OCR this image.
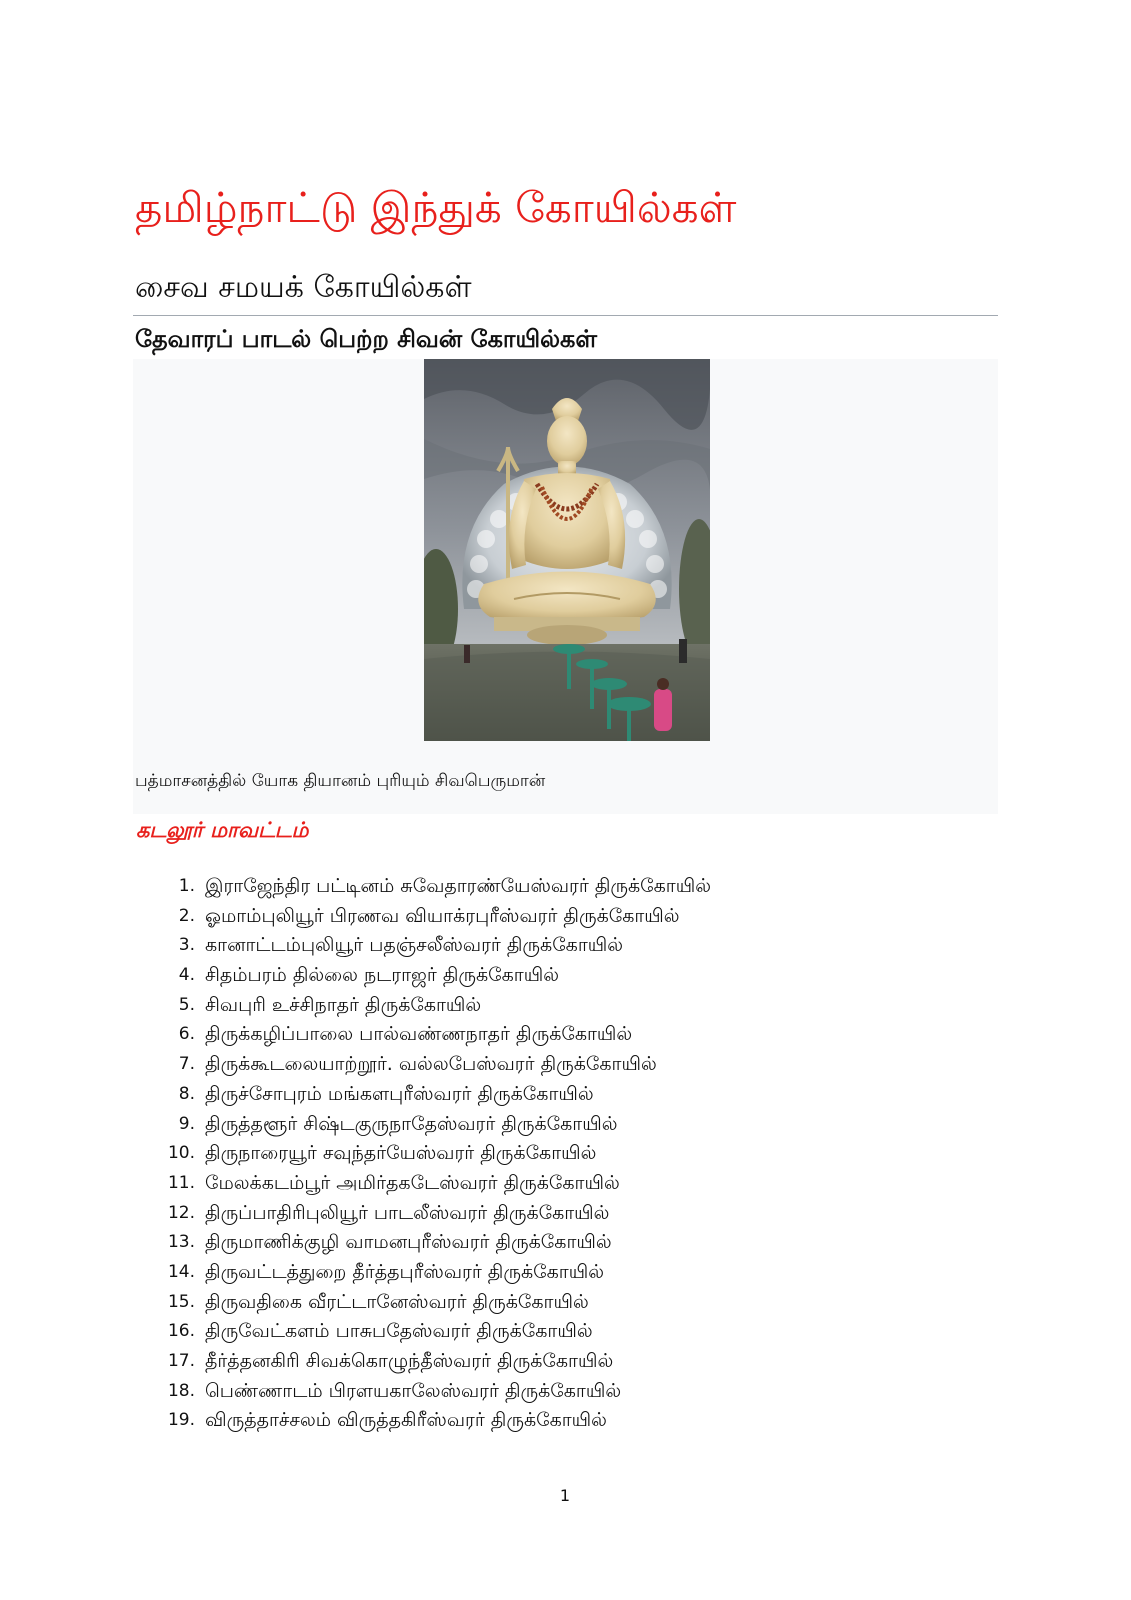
தமிழ்நாட்டு இந்துக் கோயில்கள்
சைவ சமயக் கோயில்கள்
தேவாரப் பாடல் பெற்ற சிவன் கோயில்கள்
பத்மாசனத்தில் யோக தியானம் புரியும் சிவபெருமான்
கடலூர் மாவட்டம்
1. இராஜேந்திர பட்டினம் சுவேதாரண்யேஸ்வரர் திருக்கோயில்
2. ஓமாம்புலியூர் பிரணவ வியாக்ரபுரீஸ்வரர் திருக்கோயில்
3. கானாட்டம்புலியூர் பதஞ்சலீஸ்வரர் திருக்கோயில்
4. சிதம்பரம் தில்லை நடராஜர் திருக்கோயில்
5. சிவபுரி உச்சிநாதர் திருக்கோயில்
6. திருக்கழிப்பாலை பால்வண்ணநாதர் திருக்கோயில்
7. திருக்கூடலையாற்றூர். வல்லபேஸ்வரர் திருக்கோயில்
8. திருச்சோபுரம் மங்களபுரீஸ்வரர் திருக்கோயில்
9. திருத்தளூர் சிஷ்டகுருநாதேஸ்வரர் திருக்கோயில்
10. திருநாரையூர் சவுந்தர்யேஸ்வரர் திருக்கோயில்
11. மேலக்கடம்பூர் அமிர்தகடேஸ்வரர் திருக்கோயில்
12. திருப்பாதிரிபுலியூர் பாடலீஸ்வரர் திருக்கோயில்
13. திருமாணிக்குழி வாமனபுரீஸ்வரர் திருக்கோயில்
14. திருவட்டத்துறை தீர்த்தபுரீஸ்வரர் திருக்கோயில்
15. திருவதிகை வீரட்டானேஸ்வரர் திருக்கோயில்
16. திருவேட்களம் பாசுபதேஸ்வரர் திருக்கோயில்
17. தீர்த்தனகிரி சிவக்கொழுந்தீஸ்வரர் திருக்கோயில்
18. பெண்ணாடம் பிரளயகாலேஸ்வரர் திருக்கோயில்
19. விருத்தாச்சலம் விருத்தகிரீஸ்வரர் திருக்கோயில்
1
